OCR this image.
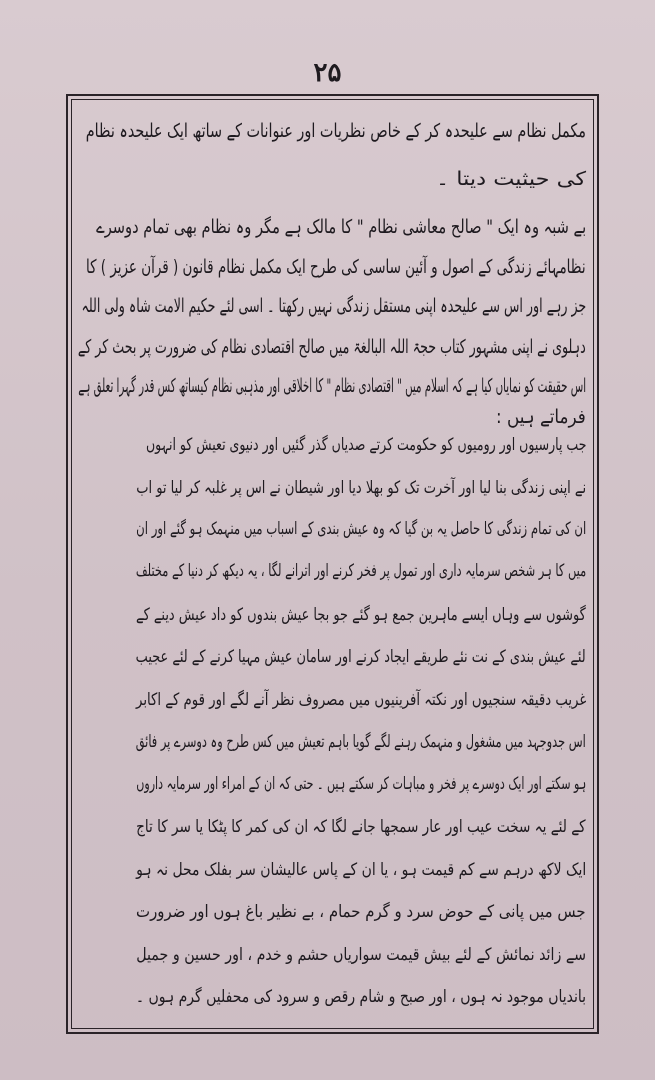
۲۵
مکمل نظام سے علیحدہ کر کے خاص نظریات اور عنوانات کے ساتھ ایک علیحدہ نظام
کی حیثیت دیتا ۔
بے شبہ وہ ایک " صالح معاشی نظام " کا مالک ہے مگر وہ نظام بھی تمام دوسرے
نظامہائے زندگی کے اصول و آئین ساسی کی طرح ایک مکمل نظام قانون ( قرآن عزیز ) کا
جز رہے اور اس سے علیحدہ اپنی مستقل زندگی نہیں رکھتا ۔ اسی لئے حکیم الامت شاہ ولی اللہ
دہلوی نے اپنی مشہور کتاب حجۃ اللہ البالغۃ میں صالح اقتصادی نظام کی ضرورت پر بحث کر کے
اس حقیقت کو نمایاں کیا ہے کہ اسلام میں " اقتصادی نظام " کا اخلاقی اور مذہبی نظام کیساتھ کس قدر گہرا تعلق ہے
فرماتے ہیں :
جب پارسیوں اور رومیوں کو حکومت کرتے صدیاں گذر گئیں اور دنیوی تعیش کو انہوں
نے اپنی زندگی بنا لیا اور آخرت تک کو بھلا دیا اور شیطان نے اس پر غلبہ کر لیا تو اب
ان کی تمام زندگی کا حاصل یہ بن گیا کہ وہ عیش بندی کے اسباب میں منہمک ہو گئے اور ان
میں کا ہر شخص سرمایہ داری اور تمول پر فخر کرنے اور اترانے لگا ، یہ دیکھ کر دنیا کے مختلف
گوشوں سے وہاں ایسے ماہرین جمع ہو گئے جو بجا عیش بندوں کو داد عیش دینے کے
لئے عیش بندی کے نت نئے طریقے ایجاد کرنے اور سامان عیش مہیا کرنے کے لئے عجیب
غریب دقیقہ سنجیوں اور نکتہ آفرینیوں میں مصروف نظر آنے لگے اور قوم کے اکابر
اس جدوجہد میں مشغول و منہمک رہنے لگے گویا باہم تعیش میں کس طرح وہ دوسرے پر فائق
ہو سکتے اور ایک دوسرے پر فخر و مباہات کر سکتے ہیں ۔ حتی کہ ان کے امراء اور سرمایہ داروں
کے لئے یہ سخت عیب اور عار سمجھا جانے لگا کہ ان کی کمر کا پٹکا یا سر کا تاج
ایک لاکھ درہم سے کم قیمت ہو ، یا ان کے پاس عالیشان سر بفلک محل نہ ہو
جس میں پانی کے حوض سرد و گرم حمام ، بے نظیر باغ ہوں اور ضرورت
سے زائد نمائش کے لئے بیش قیمت سواریاں حشم و خدم ، اور حسین و جمیل
باندیاں موجود نہ ہوں ، اور صبح و شام رقص و سرود کی محفلیں گرم ہوں ۔
